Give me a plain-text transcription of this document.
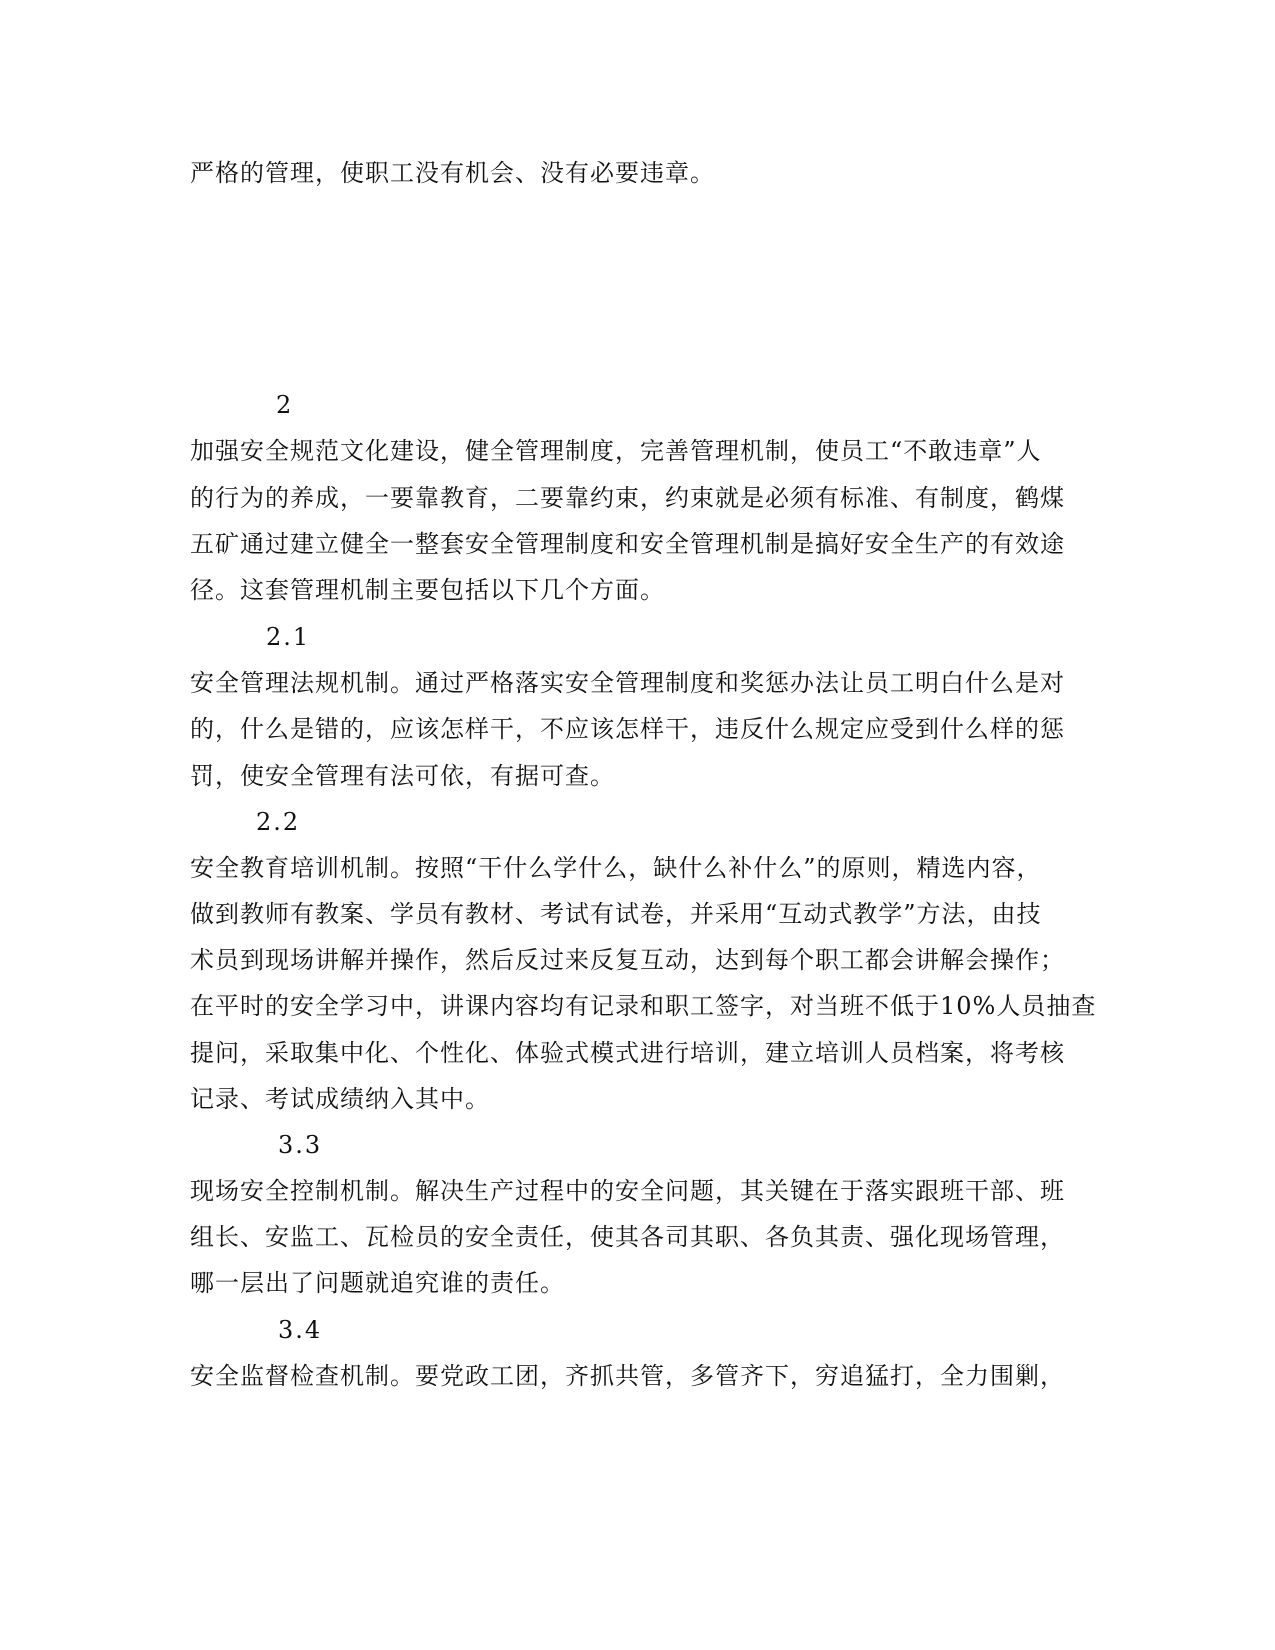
严格的管理，使职工没有机会、没有必要违章。
2
加强安全规范文化建设，健全管理制度，完善管理机制，使员工“不敢违章”人
的行为的养成，一要靠教育，二要靠约束，约束就是必须有标准、有制度，鹤煤
五矿通过建立健全一整套安全管理制度和安全管理机制是搞好安全生产的有效途
径。这套管理机制主要包括以下几个方面。
2.1
安全管理法规机制。通过严格落实安全管理制度和奖惩办法让员工明白什么是对
的，什么是错的，应该怎样干，不应该怎样干，违反什么规定应受到什么样的惩
罚，使安全管理有法可依，有据可查。
2.2
安全教育培训机制。按照“干什么学什么，缺什么补什么”的原则，精选内容，
做到教师有教案、学员有教材、考试有试卷，并采用“互动式教学”方法，由技
术员到现场讲解并操作，然后反过来反复互动，达到每个职工都会讲解会操作；
在平时的安全学习中，讲课内容均有记录和职工签字，对当班不低于10%人员抽查
提问，采取集中化、个性化、体验式模式进行培训，建立培训人员档案，将考核
记录、考试成绩纳入其中。
3.3
现场安全控制机制。解决生产过程中的安全问题，其关键在于落实跟班干部、班
组长、安监工、瓦检员的安全责任，使其各司其职、各负其责、强化现场管理，
哪一层出了问题就追究谁的责任。
3.4
安全监督检查机制。要党政工团，齐抓共管，多管齐下，穷追猛打，全力围剿，
